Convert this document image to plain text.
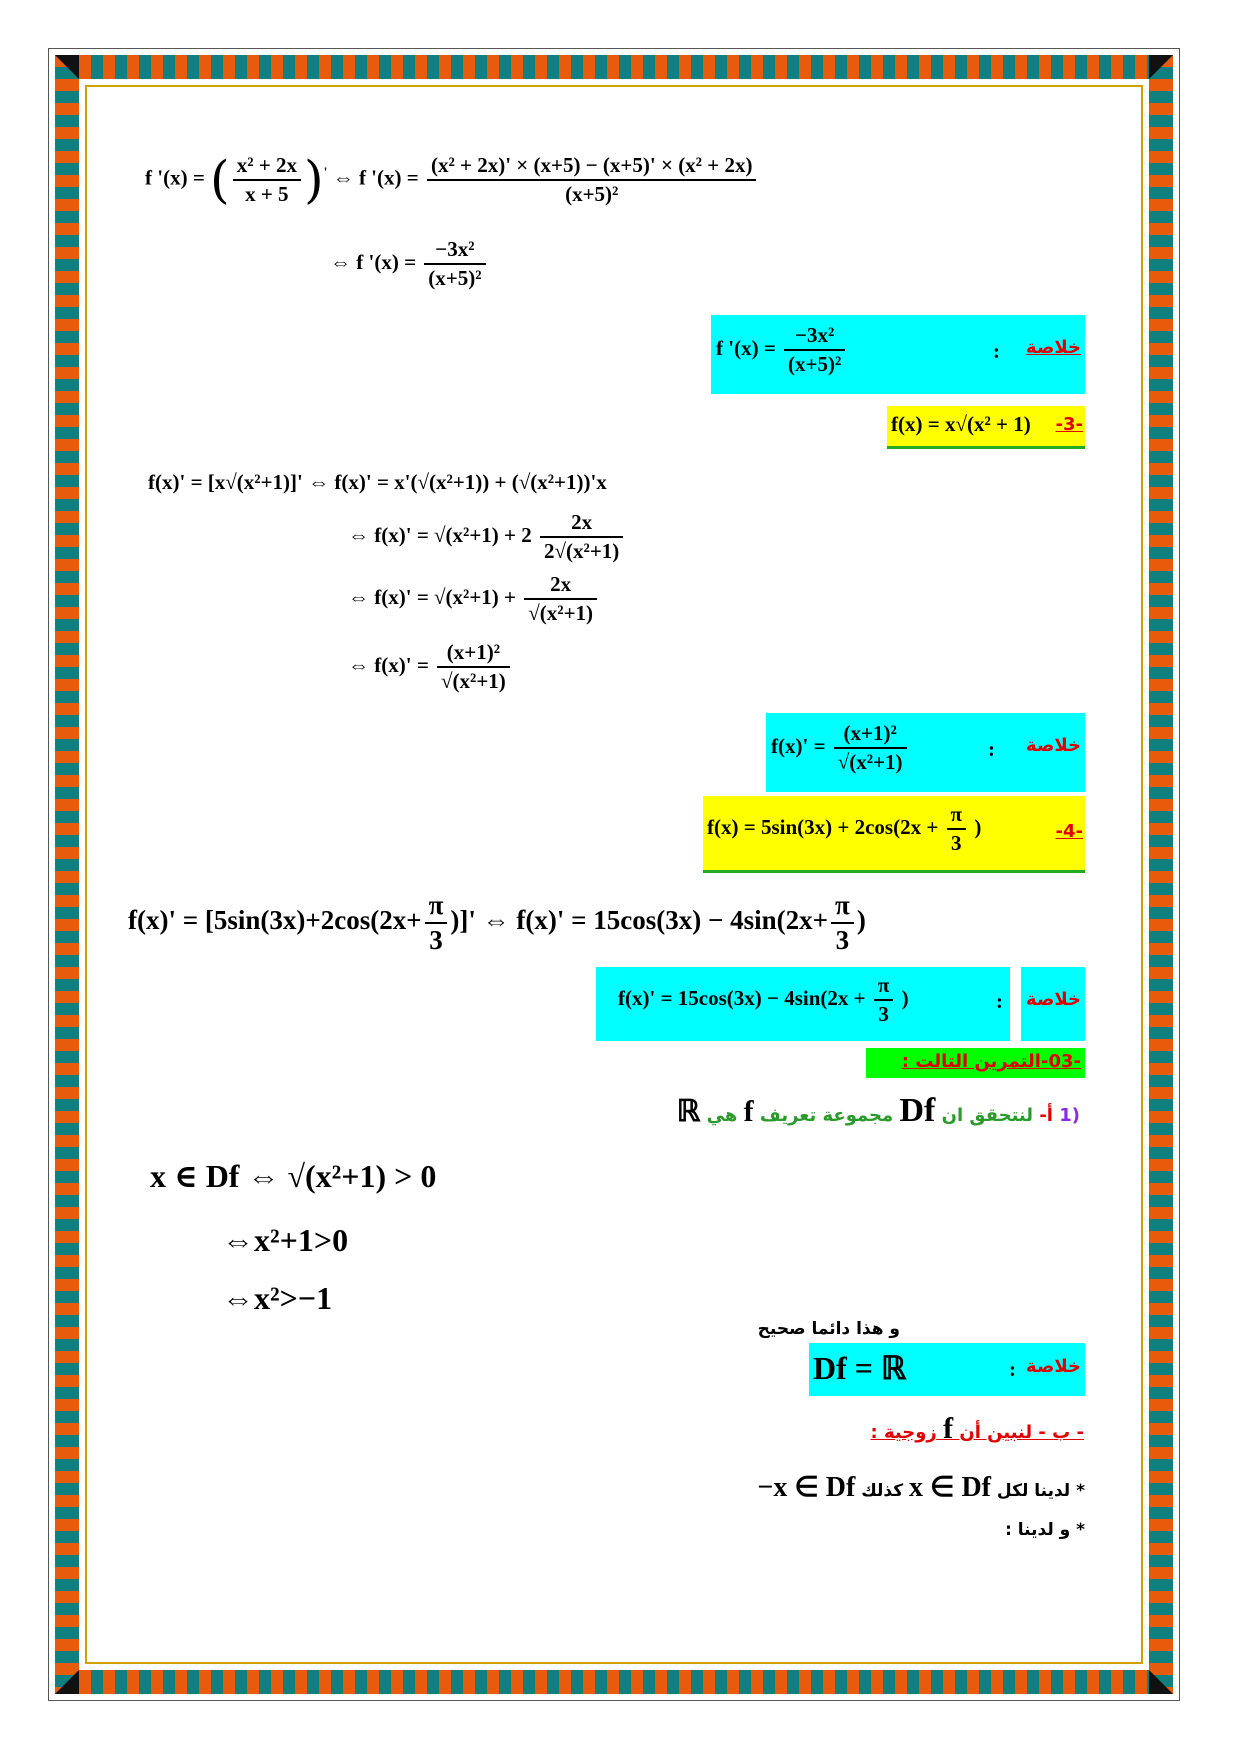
f '(x) = ( $\frac{\text{x² + 2x}}{x + 5} )'$ ⇔ f '$(x) = \frac{\text{(x² + 2x)' × (x+5) − (x+5)' × (x² + 2x)}}{\text{(x+5)²}}$
⇔ f '$(x) = \frac{\text{−3x²}}{\text{(x+5)²}}$
f '$(x) = \frac{\text{−3x²}}{\text{(x+5)²}}$	: خلاصة
f(x) = x√(x² + 1) -3-
f(x)' = [x√(x²+1)]' ⇔ f(x)' = x'(√(x²+1)) + (√(x²+1))'x
⇔ $f(x)' = √(x^2+1) + 2 \frac{2x}{\text{2√(x²+1)}}$
⇔ $f(x)' = √(x^2+1) + \frac{2x}{\text{√(x²+1)}}$
⇔ $f(x)' = \frac{\text{(x+1)²}}{\text{√(x²+1)}}$
$f(x)' = \frac{\text{(x+1)²}}{\text{√(x²+1)}}$	: خلاصة
$f(x) = 5\sin(3x) + 2\cos(2x + \frac{\pi}{3}$ )	-4-
$f(x)' = [5\sin(3x)+2\cos(2x+ \frac{\pi}{3}$ )]' ⇔ $f(x)' = 15\cos(3x) - 4\sin(2x+ \frac{\pi}{3}$ )
$f(x)' = 15\cos(3x) - 4\sin(2x + \frac{\pi}{3}$ )	: خلاصة
-03-التمرين التالت :
(1 أ- لنتحقق ان Df مجموعة تعريف f هي ℝ
x ∈ Df ⇔ √(x²+1) > 0
⇔x²+1>0
⇔x²>−1
و هذا دائما صحيح
Df = ℝ	: خلاصة
- ب - لنبين أن f زوجية :
* لدينا لكل x ∈ Df كذلك −x ∈ Df
* و لدينا :
